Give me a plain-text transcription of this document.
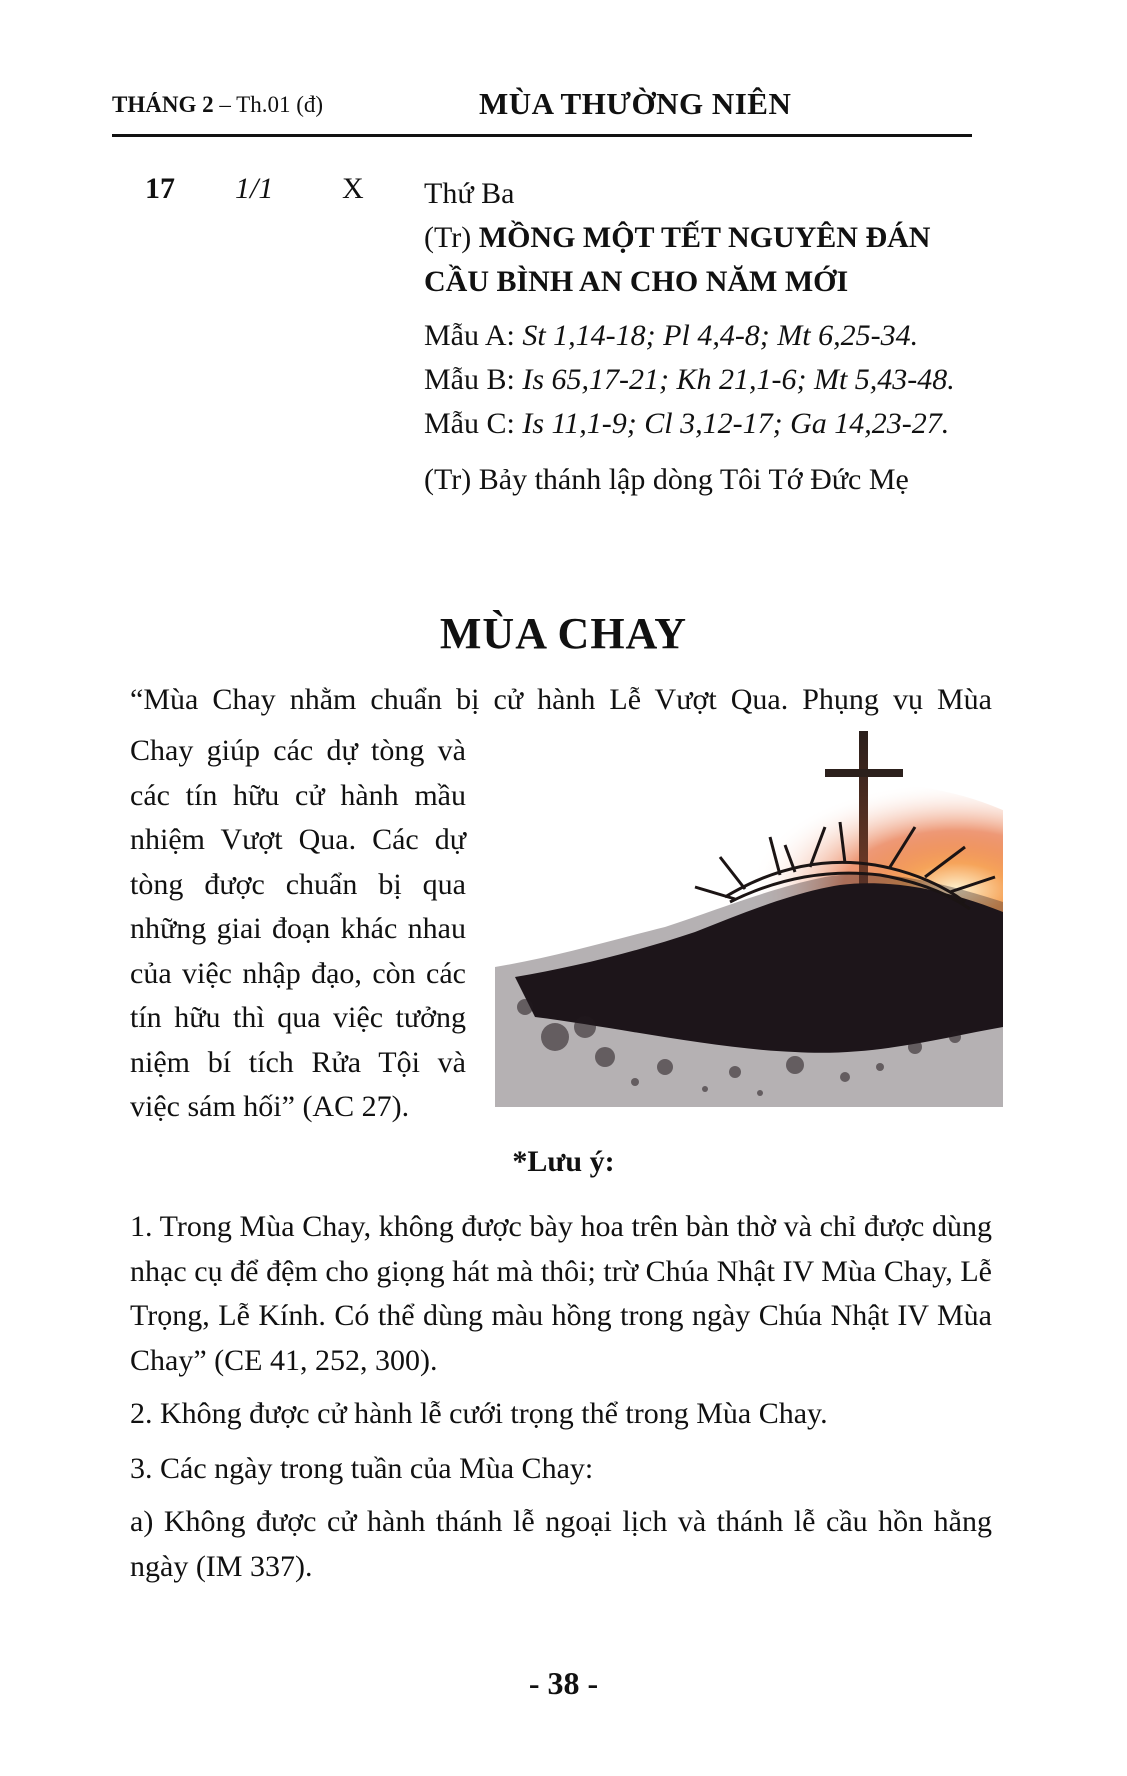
THÁNG 2 – Th.01 (đ)	MÙA THƯỜNG NIÊN
17 1/1 X Thứ Ba
(Tr) MỒNG MỘT TẾT NGUYÊN ĐÁN
CẦU BÌNH AN CHO NĂM MỚI
Mẫu A: St 1,14-18; Pl 4,4-8; Mt 6,25-34.
Mẫu B: Is 65,17-21; Kh 21,1-6; Mt 5,43-48.
Mẫu C: Is 11,1-9; Cl 3,12-17; Ga 14,23-27.
(Tr) Bảy thánh lập dòng Tôi Tớ Đức Mẹ
MÙA CHAY
“Mùa Chay nhằm chuẩn bị cử hành Lễ Vượt Qua. Phụng vụ Mùa
Chay giúp các dự tòng và
các tín hữu cử hành mầu
nhiệm Vượt Qua. Các dự
tòng được chuẩn bị qua
những giai đoạn khác nhau
của việc nhập đạo, còn các
tín hữu thì qua việc tưởng
niệm bí tích Rửa Tội và
việc sám hối” (AC 27).
*Lưu ý:
1. Trong Mùa Chay, không được bày hoa trên bàn thờ và chỉ được dùng nhạc cụ để đệm cho giọng hát mà thôi; trừ Chúa Nhật IV Mùa Chay, Lễ Trọng, Lễ Kính. Có thể dùng màu hồng trong ngày Chúa Nhật IV Mùa Chay” (CE 41, 252, 300).
2. Không được cử hành lễ cưới trọng thể trong Mùa Chay.
3. Các ngày trong tuần của Mùa Chay:
a) Không được cử hành thánh lễ ngoại lịch và thánh lễ cầu hồn hằng ngày (IM 337).
- 38 -
